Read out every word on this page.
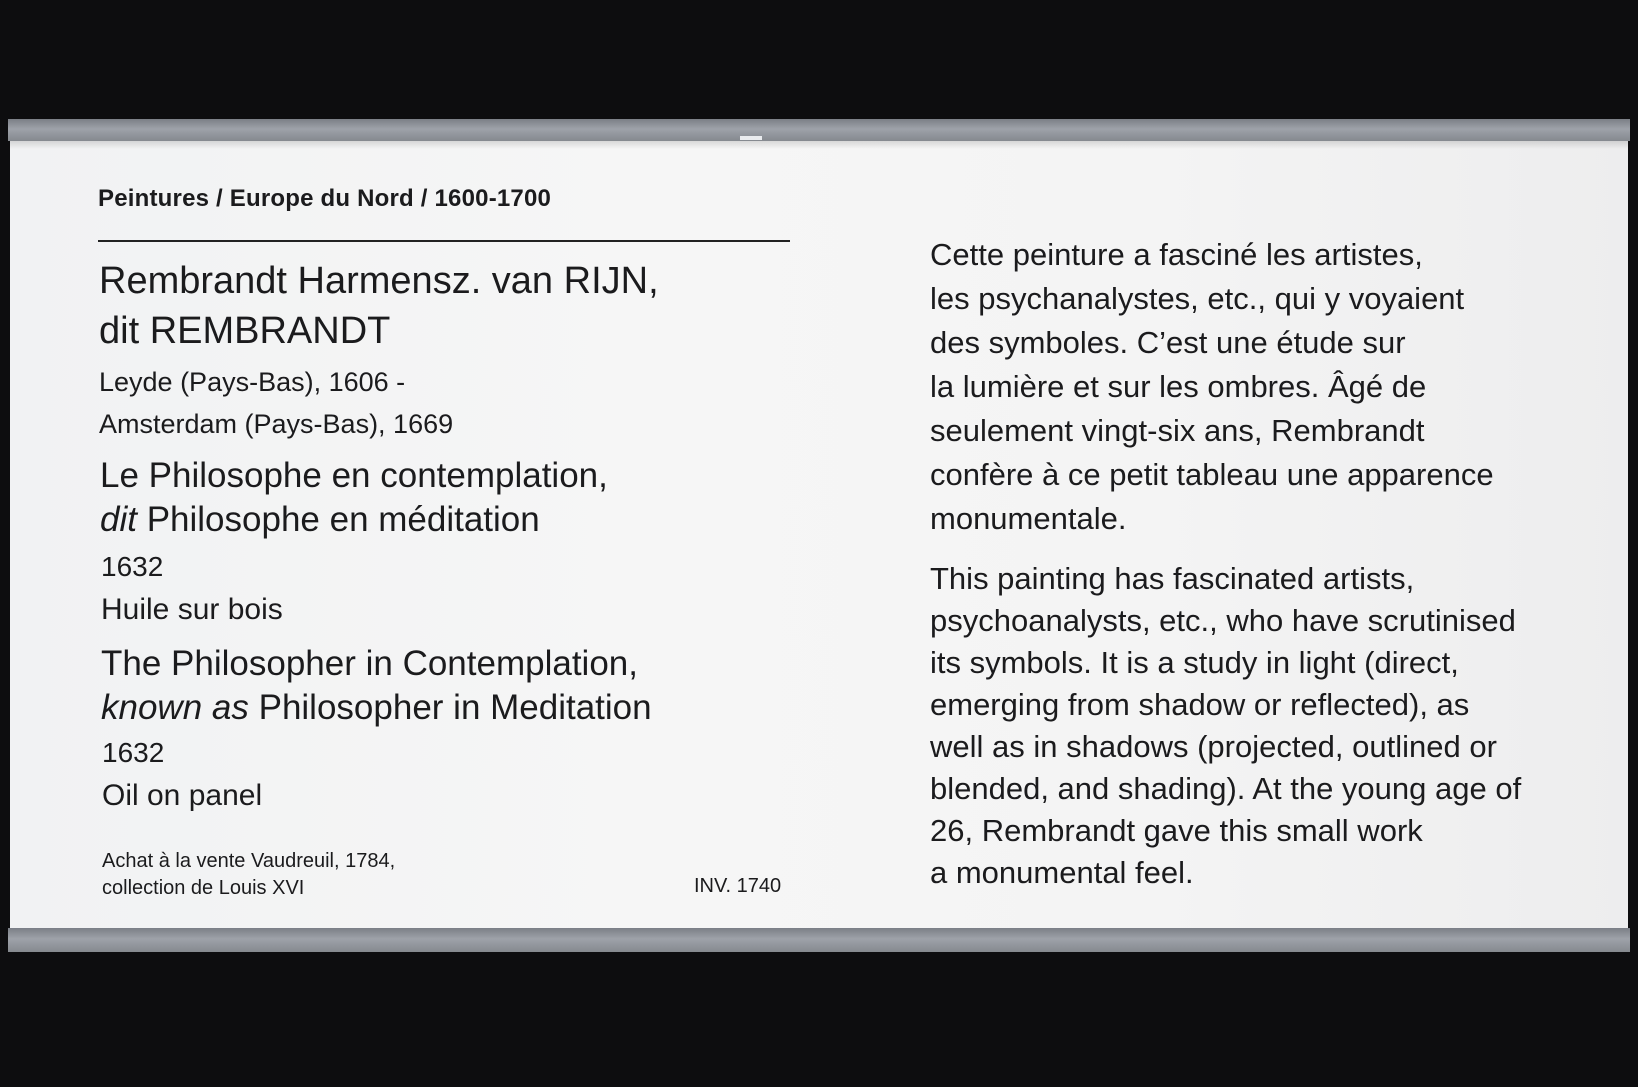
Peintures / Europe du Nord / 1600-1700
Rembrandt Harmensz. van RIJN,
dit REMBRANDT
Leyde (Pays-Bas), 1606 -
Amsterdam (Pays-Bas), 1669
Le Philosophe en contemplation,
dit Philosophe en méditation
1632
Huile sur bois
The Philosopher in Contemplation,
known as Philosopher in Meditation
1632
Oil on panel
Achat à la vente Vaudreuil, 1784,
collection de Louis XVI	INV. 1740
Cette peinture a fasciné les artistes,
les psychanalystes, etc., qui y voyaient
des symboles. C’est une étude sur
la lumière et sur les ombres. Âgé de
seulement vingt-six ans, Rembrandt
confère à ce petit tableau une apparence
monumentale.
This painting has fascinated artists,
psychoanalysts, etc., who have scrutinised
its symbols. It is a study in light (direct,
emerging from shadow or reflected), as
well as in shadows (projected, outlined or
blended, and shading). At the young age of
26, Rembrandt gave this small work
a monumental feel.
